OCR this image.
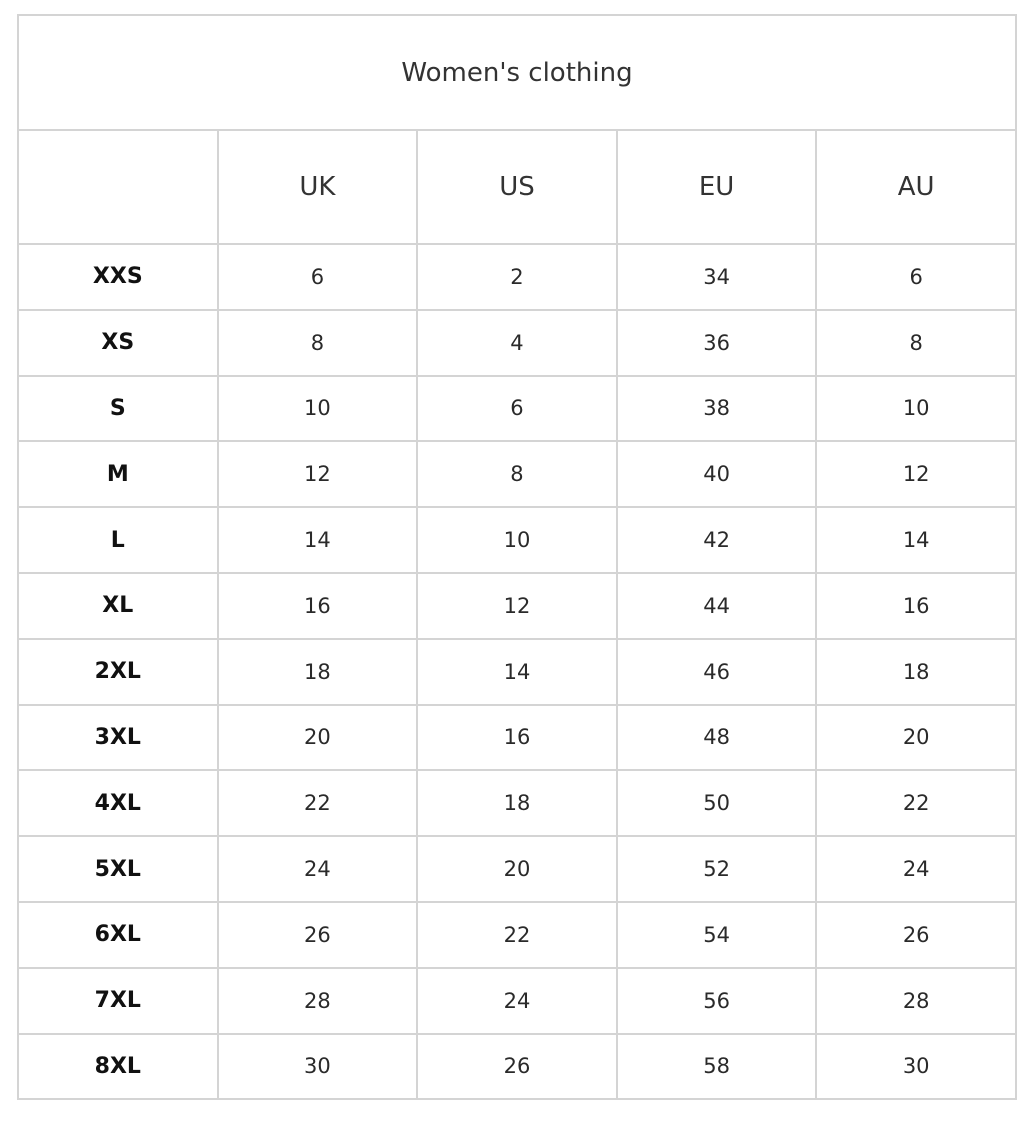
Women's clothing				
	UK	US	EU	AU
XXS	6	2	34	6
XS	8	4	36	8
S	10	6	38	10
M	12	8	40	12
L	14	10	42	14
XL	16	12	44	16
2XL	18	14	46	18
3XL	20	16	48	20
4XL	22	18	50	22
5XL	24	20	52	24
6XL	26	22	54	26
7XL	28	24	56	28
8XL	30	26	58	30
